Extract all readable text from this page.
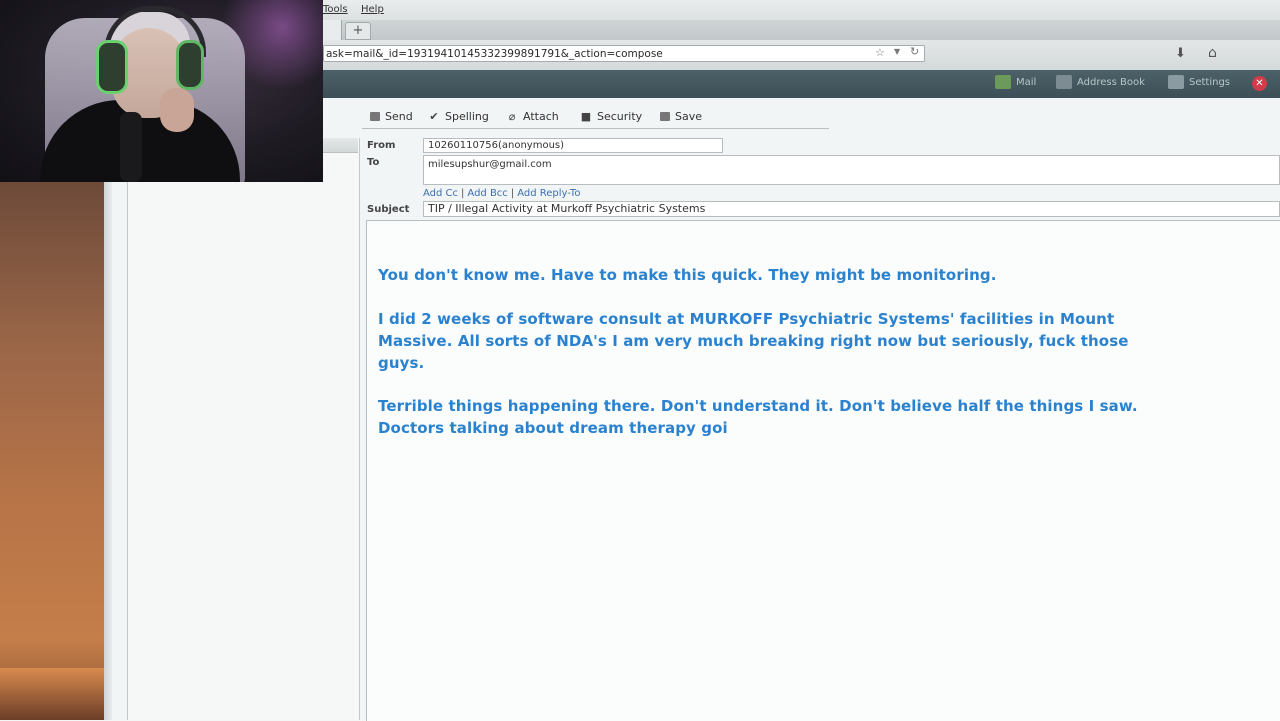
Tools Help
+
ask=mail&_id=19319410145332399891791&_action=compose	☆ ▼ ↻	⬇ ⌂
Mail	Address Book	Settings	✕
Send ✔ Spelling ⌀ Attach ■ Security	Save
From	10260110756(anonymous)
To	milesupshur@gmail.com
Add Cc | Add Bcc | Add Reply-To
Subject	TIP / Illegal Activity at Murkoff Psychiatric Systems
You don't know me. Have to make this quick. They might be monitoring.
I did 2 weeks of software consult at MURKOFF Psychiatric Systems' facilities in Mount Massive. All sorts of NDA's I am very much breaking right now but seriously, fuck those guys.
Terrible things happening there. Don't understand it. Don't believe half the things I saw. Doctors talking about dream therapy goi
